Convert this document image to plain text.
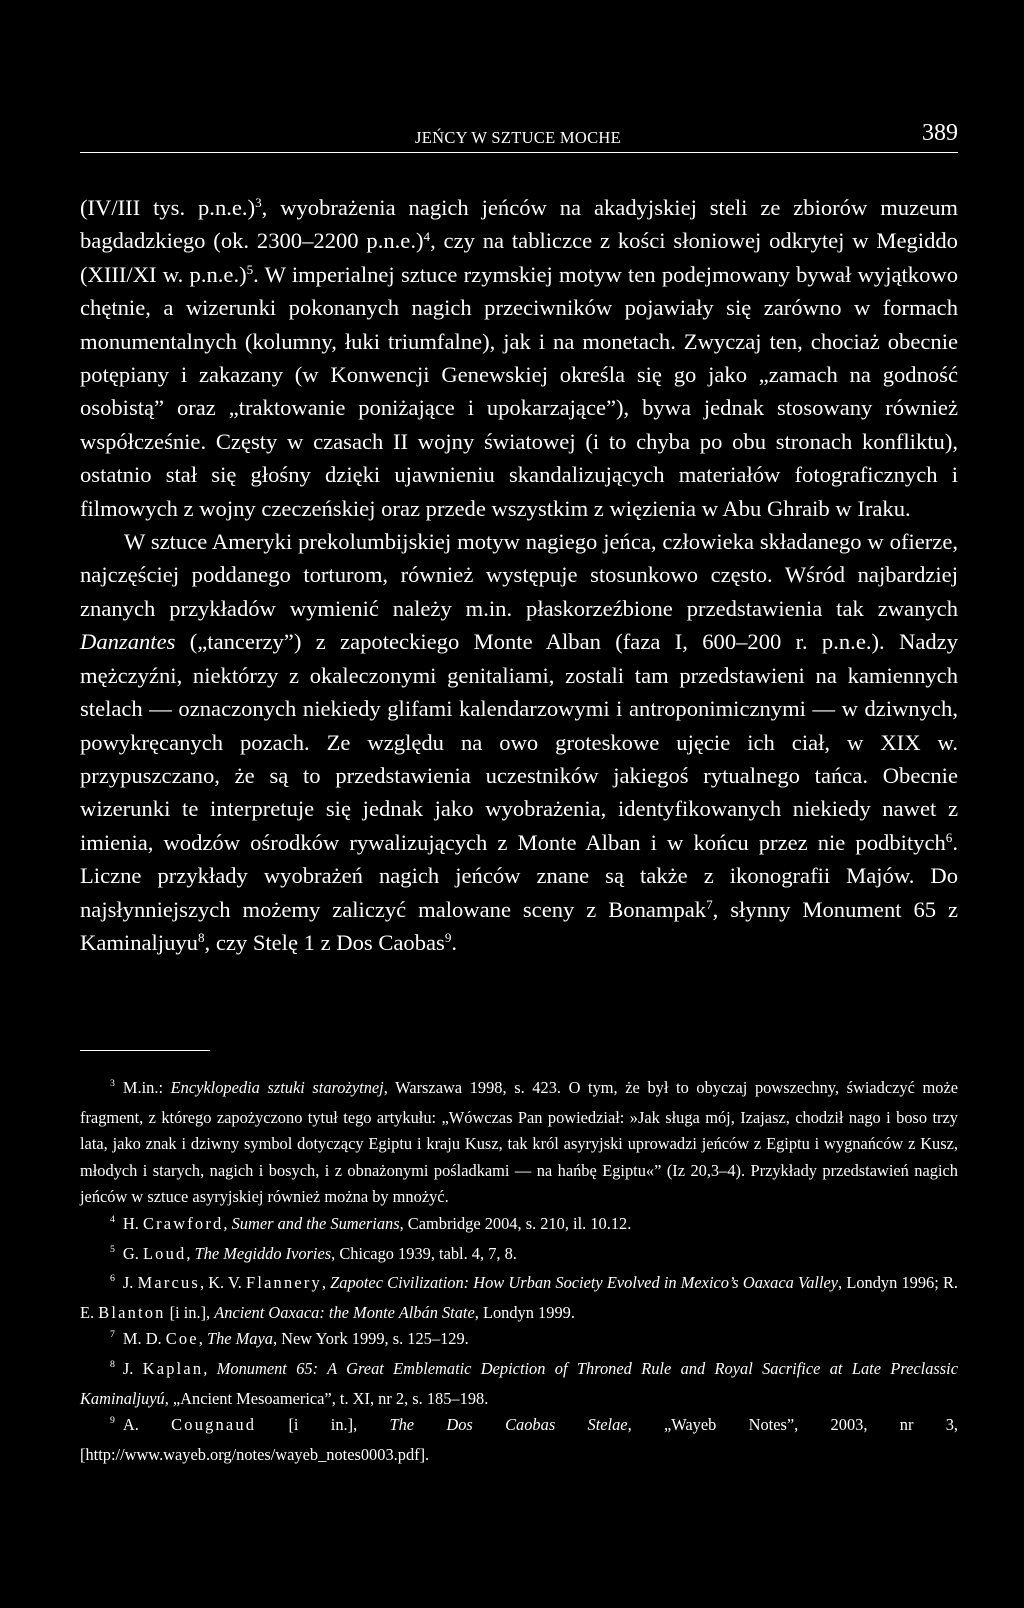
JEŃCY W SZTUCE MOCHE	389

(IV/III tys. p.n.e.)$^3$, wyobrażenia nagich jeńców na akadyjskiej steli ze zbiorów muzeum bagdadzkiego (ok. 2300–2200 p.n.e.)$^4$, czy na tabliczce z kości słoniowej odkrytej w Megiddo (XIII/XI w. p.n.e.)$^5$. W imperialnej sztuce rzymskiej motyw ten podejmowany bywał wyjątkowo chętnie, a wizerunki pokonanych nagich przeciwników pojawiały się zarówno w formach monumentalnych (kolumny, łuki triumfalne), jak i na monetach. Zwyczaj ten, chociaż obecnie potępiany i zakazany (w Konwencji Genewskiej określa się go jako „zamach na godność osobistą” oraz „traktowanie poniżające i upokarzające”), bywa jednak stosowany również współcześnie. Częsty w czasach II wojny światowej (i to chyba po obu stronach konfliktu), ostatnio stał się głośny dzięki ujawnieniu skandalizujących materiałów fotograficznych i filmowych z wojny czeczeńskiej oraz przede wszystkim z więzienia w Abu Ghraib w Iraku.

W sztuce Ameryki prekolumbijskiej motyw nagiego jeńca, człowieka składanego w ofierze, najczęściej poddanego torturom, również występuje stosunkowo często. Wśród najbardziej znanych przykładów wymienić należy m.in. płaskorzeźbione przedstawienia tak zwanych Danzantes („tancerzy”) z zapoteckiego Monte Alban (faza I, 600–200 r. p.n.e.). Nadzy mężczyźni, niektórzy z okaleczonymi genitaliami, zostali tam przedstawieni na kamiennych stelach — oznaczonych niekiedy glifami kalendarzowymi i antroponimicznymi — w dziwnych, powykręcanych pozach. Ze względu na owo groteskowe ujęcie ich ciał, w XIX w. przypuszczano, że są to przedstawienia uczestników jakiegoś rytualnego tańca. Obecnie wizerunki te interpretuje się jednak jako wyobrażenia, identyfikowanych niekiedy nawet z imienia, wodzów ośrodków rywalizujących z Monte Alban i w końcu przez nie podbitych$^6$. Liczne przykłady wyobrażeń nagich jeńców znane są także z ikonografii Majów. Do najsłynniejszych możemy zaliczyć malowane sceny z Bonampak$^7$, słynny Monument 65 z Kaminaljuyu$^8$, czy Stelę 1 z Dos Caobas$^9$.

$^3$ M.in.: Encyklopedia sztuki starożytnej, Warszawa 1998, s. 423. O tym, że był to obyczaj powszechny, świadczyć może fragment, z którego zapożyczono tytuł tego artykułu: „Wówczas Pan powiedział: »Jak sługa mój, Izajasz, chodził nago i boso trzy lata, jako znak i dziwny symbol dotyczący Egiptu i kraju Kusz, tak król asyryjski uprowadzi jeńców z Egiptu i wygnańców z Kusz, młodych i starych, nagich i bosych, i z obnażonymi pośladkami — na hańbę Egiptu«” (Iz 20,3–4). Przykłady przedstawień nagich jeńców w sztuce asyryjskiej również można by mnożyć.

$^4$ H. Crawford, Sumer and the Sumerians, Cambridge 2004, s. 210, il. 10.12.

$^5$ G. Loud, The Megiddo Ivories, Chicago 1939, tabl. 4, 7, 8.

$^6$ J. Marcus, K. V. Flannery, Zapotec Civilization: How Urban Society Evolved in Mexico’s Oaxaca Valley, Londyn 1996; R. E. Blanton [i in.], Ancient Oaxaca: the Monte Albán State, Londyn 1999.

$^7$ M. D. Coe, The Maya, New York 1999, s. 125–129.

$^8$ J. Kaplan, Monument 65: A Great Emblematic Depiction of Throned Rule and Royal Sacrifice at Late Preclassic Kaminaljuyú, „Ancient Mesoamerica”, t. XI, nr 2, s. 185–198.

$^9$ A. Cougnaud [i in.], The Dos Caobas Stelae, „Wayeb Notes”, 2003, nr 3, [http://www.wayeb.org/notes/wayeb_notes0003.pdf].
